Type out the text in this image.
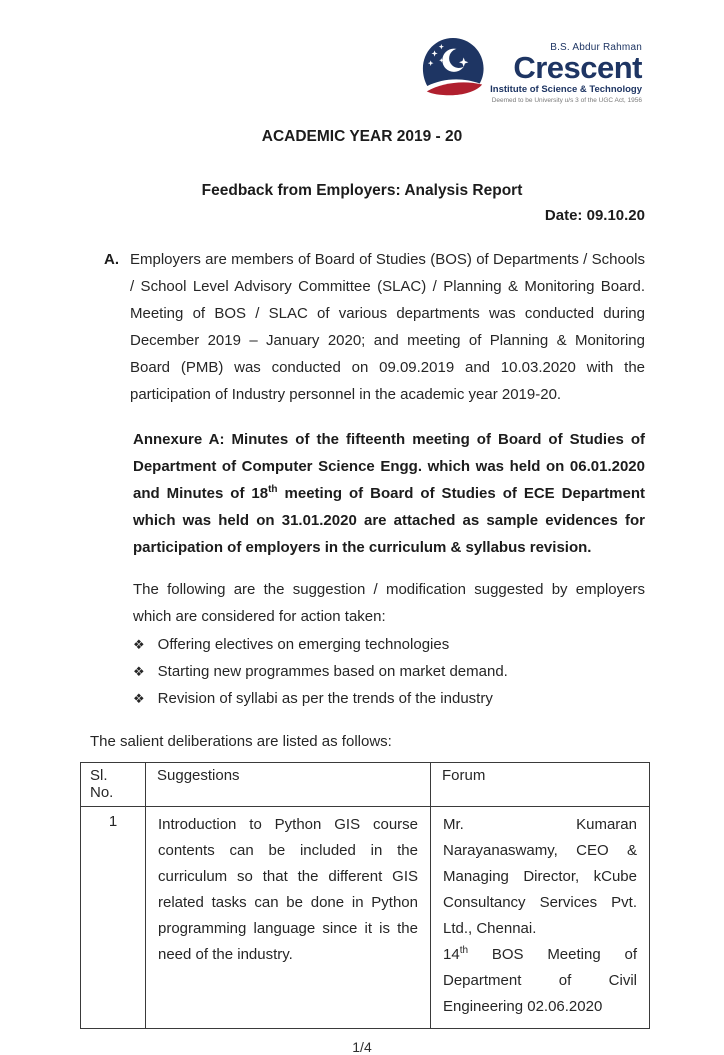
B.S. Abdur Rahman
Crescent
Institute of Science & Technology
Deemed to be University u/s 3 of the UGC Act, 1956
ACADEMIC YEAR 2019 - 20
Feedback from Employers: Analysis Report
Date: 09.10.20
A. Employers are members of Board of Studies (BOS) of Departments / Schools / School Level Advisory Committee (SLAC) / Planning & Monitoring Board. Meeting of BOS / SLAC of various departments was conducted during December 2019 – January 2020; and meeting of Planning & Monitoring Board (PMB) was conducted on 09.09.2019 and 10.03.2020 with the participation of Industry personnel in the academic year 2019-20.

Annexure A: Minutes of the fifteenth meeting of Board of Studies of Department of Computer Science Engg. which was held on 06.01.2020 and Minutes of 18th meeting of Board of Studies of ECE Department which was held on 31.01.2020 are attached as sample evidences for participation of employers in the curriculum & syllabus revision.

The following are the suggestion / modification suggested by employers which are considered for action taken:

❖ Offering electives on emerging technologies
❖ Starting new programmes based on market demand.
❖ Revision of syllabi as per the trends of the industry

The salient deliberations are listed as follows:

Sl. No.	Suggestions	Forum
1	Introduction to Python GIS course contents can be included in the curriculum so that the different GIS related tasks can be done in Python programming language since it is the need of the industry.	Mr. Kumaran Narayanaswamy, CEO & Managing Director, kCube Consultancy Services Pvt. Ltd., Chennai.
14th BOS Meeting of Department of Civil Engineering 02.06.2020
1/4
